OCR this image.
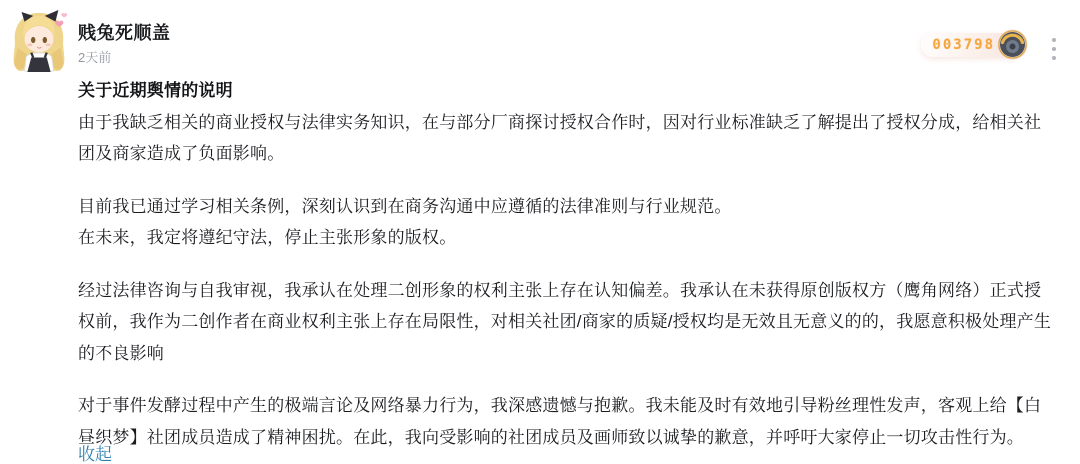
贱兔死顺盖
2天前
003798
关于近期舆情的说明
由于我缺乏相关的商业授权与法律实务知识，在与部分厂商探讨授权合作时，因对行业标准缺乏了解提出了授权分成，给相关社团及商家造成了负面影响。
目前我已通过学习相关条例，深刻认识到在商务沟通中应遵循的法律准则与行业规范。
在未来，我定将遵纪守法，停止主张形象的版权。
经过法律咨询与自我审视，我承认在处理二创形象的权利主张上存在认知偏差。我承认在未获得原创版权方（鹰角网络）正式授权前，我作为二创作者在商业权利主张上存在局限性，对相关社团/商家的质疑/授权均是无效且无意义的的，我愿意积极处理产生的不良影响
对于事件发酵过程中产生的极端言论及网络暴力行为，我深感遗憾与抱歉。我未能及时有效地引导粉丝理性发声，客观上给【白昼织梦】社团成员造成了精神困扰。在此，我向受影响的社团成员及画师致以诚挚的歉意，并呼吁大家停止一切攻击性行为。
收起
